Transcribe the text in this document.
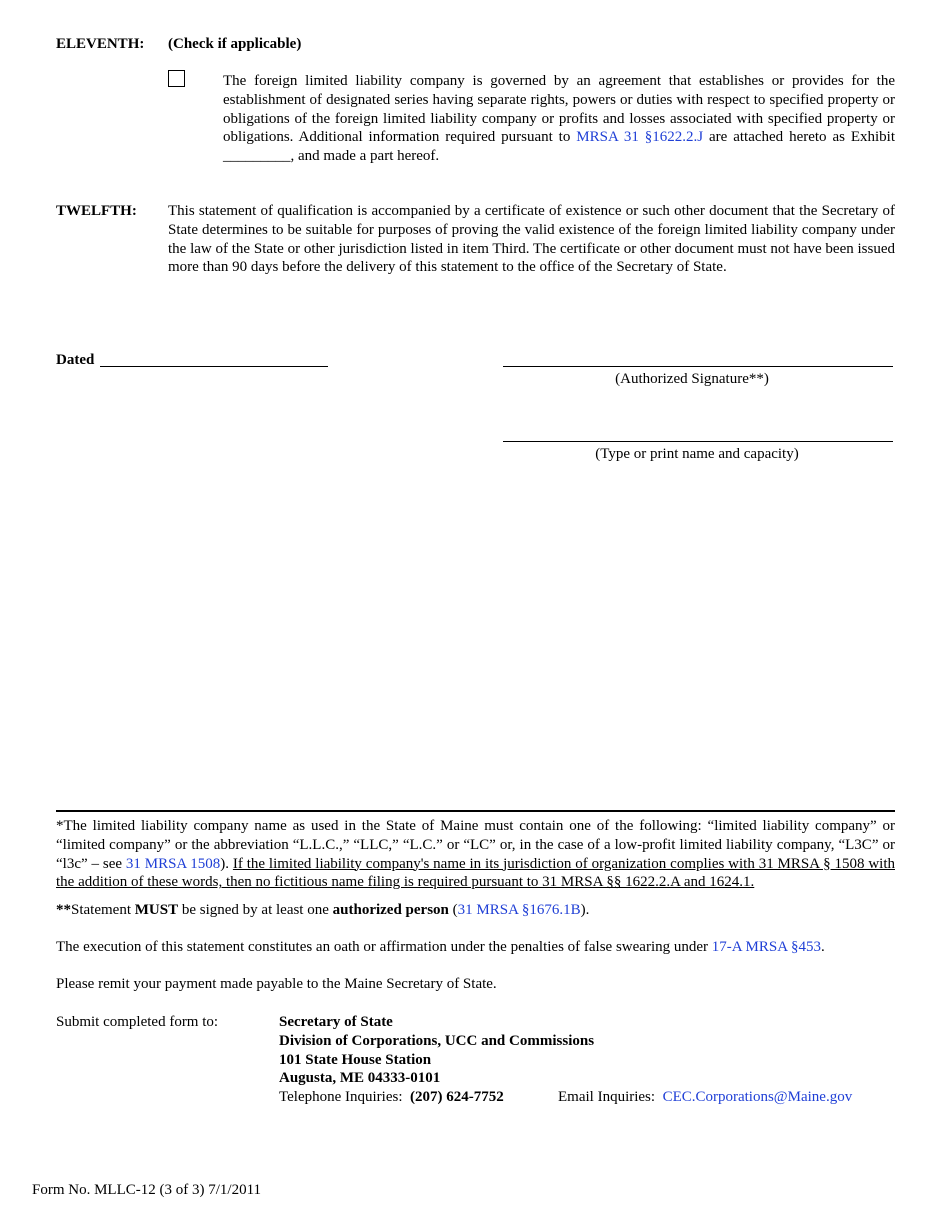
ELEVENTH: (Check if applicable)
The foreign limited liability company is governed by an agreement that establishes or provides for the establishment of designated series having separate rights, powers or duties with respect to specified property or obligations of the foreign limited liability company or profits and losses associated with specified property or obligations. Additional information required pursuant to MRSA 31 §1622.2.J are attached hereto as Exhibit _________, and made a part hereof.
TWELFTH: This statement of qualification is accompanied by a certificate of existence or such other document that the Secretary of State determines to be suitable for purposes of proving the valid existence of the foreign limited liability company under the law of the State or other jurisdiction listed in item Third. The certificate or other document must not have been issued more than 90 days before the delivery of this statement to the office of the Secretary of State.
Dated
(Authorized Signature**)
(Type or print name and capacity)
*The limited liability company name as used in the State of Maine must contain one of the following: “limited liability company” or “limited company” or the abbreviation “L.L.C.,” “LLC,” “L.C.” or “LC” or, in the case of a low-profit limited liability company, “L3C” or “l3c” – see 31 MRSA 1508). If the limited liability company's name in its jurisdiction of organization complies with 31 MRSA § 1508 with the addition of these words, then no fictitious name filing is required pursuant to 31 MRSA §§ 1622.2.A and 1624.1.
**Statement MUST be signed by at least one authorized person (31 MRSA §1676.1B).
The execution of this statement constitutes an oath or affirmation under the penalties of false swearing under 17-A MRSA §453.
Please remit your payment made payable to the Maine Secretary of State.
Submit completed form to:	Secretary of State
Division of Corporations, UCC and Commissions
101 State House Station
Augusta, ME 04333-0101
Telephone Inquiries:  (207) 624-7752	Email Inquiries:  CEC.Corporations@Maine.gov
Form No. MLLC-12 (3 of 3) 7/1/2011
